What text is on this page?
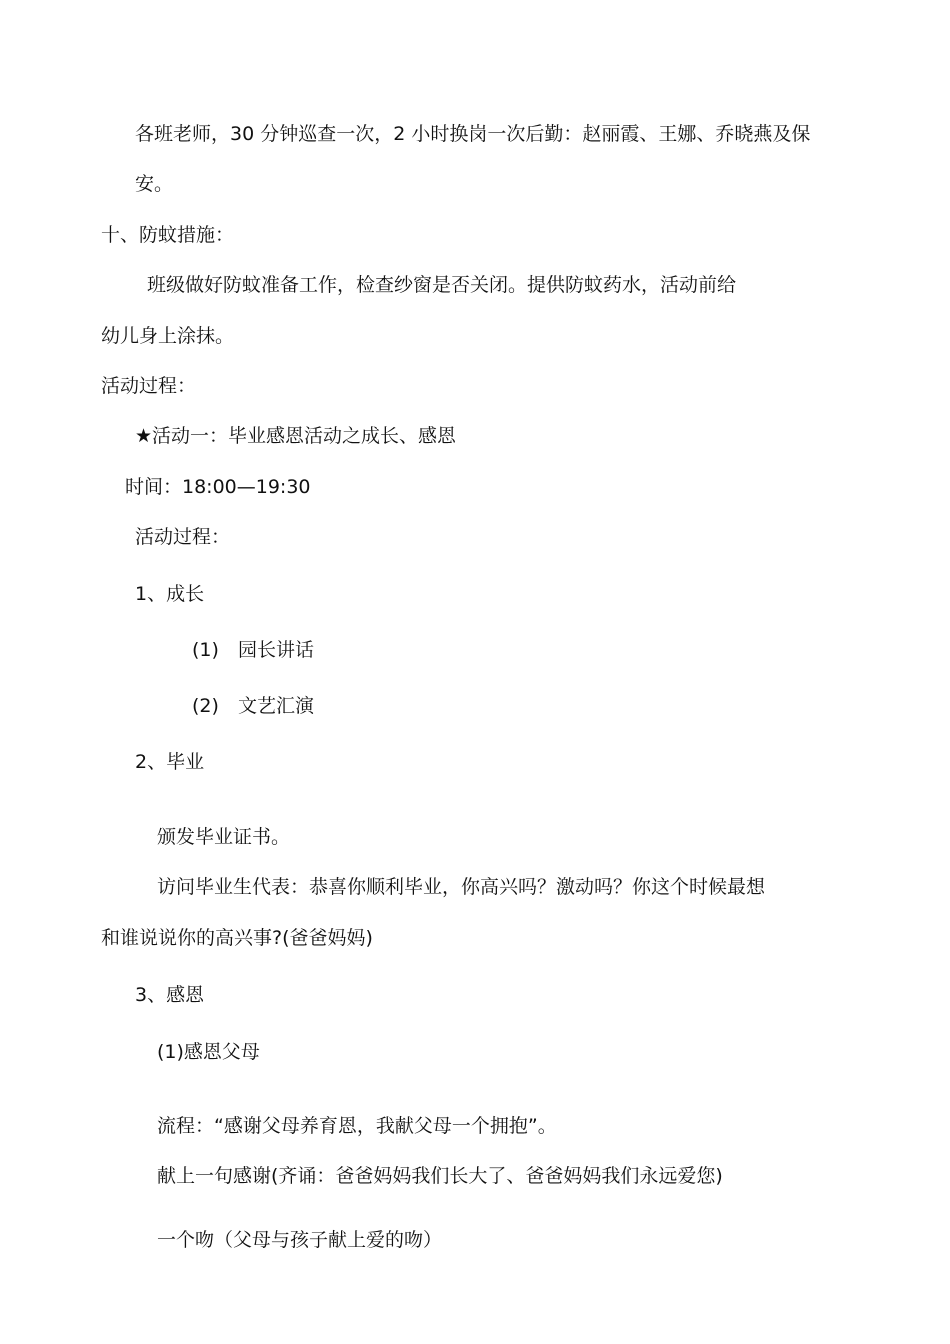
各班老师，30 分钟巡查一次，2 小时换岗一次后勤：赵丽霞、王娜、乔晓燕及保
安。
十、防蚊措施：
班级做好防蚊准备工作，检查纱窗是否关闭。提供防蚊药水，活动前给
幼儿身上涂抹。
活动过程：
★活动一：毕业感恩活动之成长、感恩
时间：18:00—19:30
活动过程：
1、成长
(1) 园长讲话
(2) 文艺汇演
2、毕业
颁发毕业证书。
访问毕业生代表：恭喜你顺利毕业，你高兴吗？激动吗？你这个时候最想
和谁说说你的高兴事?(爸爸妈妈)
3、感恩
(1)感恩父母
流程：“感谢父母养育恩，我献父母一个拥抱”。
献上一句感谢(齐诵：爸爸妈妈我们长大了、爸爸妈妈我们永远爱您)
一个吻（父母与孩子献上爱的吻）
